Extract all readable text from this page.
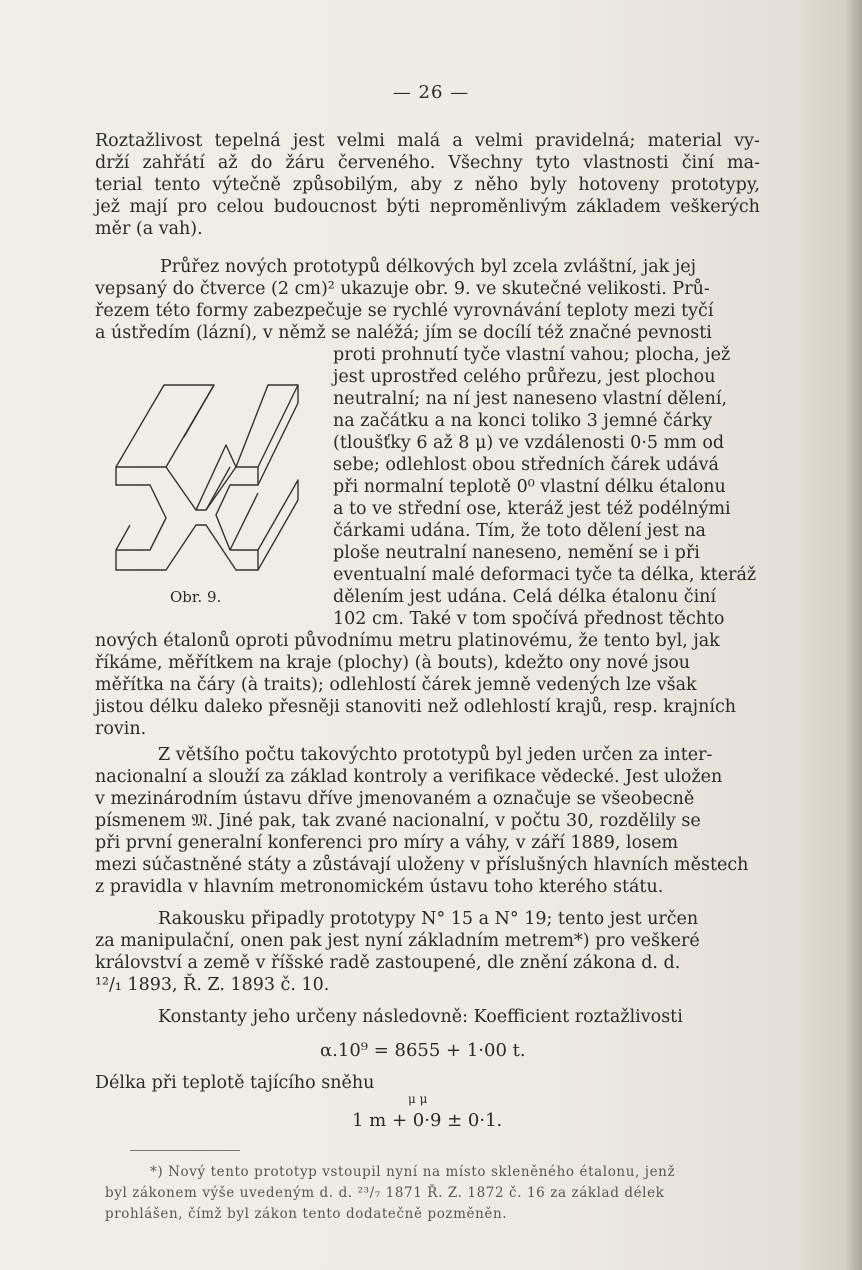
— 26 —
Roztažlivost tepelná jest velmi malá a velmi pravidelná; material vy-
drží zahřátí až do žáru červeného. Všechny tyto vlastnosti činí ma-
terial tento výtečně způsobilým, aby z něho byly hotoveny prototypy,
jež mají pro celou budoucnost býti neproměnlivým základem veškerých
měr (a vah).
Průřez nových prototypů délkových byl zcela zvláštní, jak jej
vepsaný do čtverce (2 cm)² ukazuje obr. 9. ve skutečné velikosti. Prů-
řezem této formy zabezpečuje se rychlé vyrovnávání teploty mezi tyčí
a ústředím (lázní), v němž se naléžá; jím se docílí též značné pevnosti
proti prohnutí tyče vlastní vahou; plocha, jež
jest uprostřed celého průřezu, jest plochou
neutralní; na ní jest naneseno vlastní dělení,
na začátku a na konci toliko 3 jemné čárky
(tloušťky 6 až 8 μ) ve vzdálenosti 0·5 mm od
sebe; odlehlost obou středních čárek udává
při normalní teplotě 0⁰ vlastní délku étalonu
a to ve střední ose, kteráž jest též podélnými
čárkami udána. Tím, že toto dělení jest na
ploše neutralní naneseno, nemění se i při
eventualní malé deformaci tyče ta délka, kteráž
dělením jest udána. Celá délka étalonu činí
102 cm. Také v tom spočívá přednost těchto
Obr. 9.
nových étalonů oproti původnímu metru platinovému, že tento byl, jak
říkáme, měřítkem na kraje (plochy) (à bouts), kdežto ony nové jsou
měřítka na čáry (à traits); odlehlostí čárek jemně vedených lze však
jistou délku daleko přesněji stanoviti než odlehlostí krajů, resp. krajních
rovin.
Z většího počtu takovýchto prototypů byl jeden určen za inter-
nacionalní a slouží za základ kontroly a verifikace vědecké. Jest uložen
v mezinárodním ústavu dříve jmenovaném a označuje se všeobecně
písmenem 𝔐. Jiné pak, tak zvané nacionalní, v počtu 30, rozdělily se
při první generalní konferenci pro míry a váhy, v září 1889, losem
mezi súčastněné státy a zůstávají uloženy v příslušných hlavních městech
z pravidla v hlavním metronomickém ústavu toho kterého státu.
Rakousku připadly prototypy N° 15 a N° 19; tento jest určen
za manipulační, onen pak jest nyní základním metrem*) pro veškeré
království a země v říšské radě zastoupené, dle znění zákona d. d.
¹²/₁ 1893, Ř. Z. 1893 č. 10.
Konstanty jeho určeny následovně: Koefficient roztažlivosti
α.10⁹ = 8655 + 1·00 t.
Délka při teplotě tajícího sněhu
μ μ
1 m + 0·9 ± 0·1.
*) Nový tento prototyp vstoupil nyní na místo skleněného étalonu, jenž
byl zákonem výše uvedeným d. d. ²³/₇ 1871 Ř. Z. 1872 č. 16 za základ délek
prohlášen, čímž byl zákon tento dodatečně pozměněn.
